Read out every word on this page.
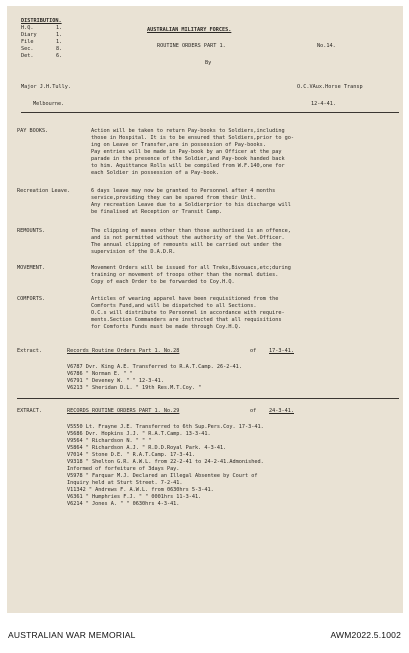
DISTRIBUTION.
H.Q.	1.
Diary	1.
File	1.
Sec.	8.
Det.	6.
AUSTRALIAN MILITARY FORCES.
ROUTINE ORDERS PART 1.	No.14.
By
Major J.H.Tully.	O.C.VAux.Horse Transp
Melbourne.	12-4-41.
PAY BOOKS.	Action will be taken to return Pay-books to Soldiers,including
those in Hospital. It is to be ensured that Soldiers,prior to go-
ing on Leave or Transfer,are in possession of Pay-books.
Pay entries will be made in Pay-book by an Officer at the pay
parade in the presence of the Soldier,and Pay-book handed back
to him. Aquittance Rolls will be compiled from W.F.140,one for
each Soldier in possession of a Pay-book.
Recreation Leave.	6 days leave may now be granted to Personnel after 4 months
service,providing they can be spared from their Unit.
Any recreation Leave due to a Soldierprior to his discharge will
be finalised at Reception or Transit Camp.
REMOUNTS.	The clipping of manes other than those authorised is an offence,
and is not permitted without the authority of the Vet.Officer.
The annual clipping of remounts will be carried out under the
supervision of the D.A.D.R.
MOVEMENT.	Movement Orders will be issued for all Treks,Bivouacs,etc;during
training or movement of troops other than the normal duties.
Copy of each Order to be forwarded to Coy.H.Q.
COMFORTS.	Articles of wearing apparel have been requisitioned from the
Comforts Fund,and will be dispatched to all Sections.
O.C.s will distribute to Personnel in accordance with require-
ments.Section Commanders are instructed that all requisitions
for Comforts Funds must be made through Coy.H.Q.
Extract.	Records Routine Orders Part 1. No.28	of 17-3-41.
V6787 Dvr. King A.E. Transferred to R.A.T.Camp. 26-2-41.
V6786 " Norman E. " "
V6791 " Deveney W. " " 12-3-41.
V6213 " Sheridan D.L. " 19th Res.M.T.Coy. "
EXTRACT.	RECORDS ROUTINE ORDERS PART 1. No.29	of 24-3-41.
V5550 Lt. Frayne J.E. Transferred to 6th Sup.Pers.Coy. 17-3-41.
V5686 Dvr. Hopkins J.J. " R.A.T.Camp. 13-3-41.
V9564 " Richardson N. " " "
V5864 " Richardson A.J. " R.D.D.Royal Park. 4-3-41.
V7014 " Stone D.E. " R.A.T.Camp. 17-3-41.
V9318 " Shelton G.R. A.W.L. from 22-2-41 to 24-2-41.Admonished.
Informed of forfeiture of 3days Pay.
V5978 " Farquar M.J. Declared an Illegal Absentee by Court of
Inquiry held at Sturt Street. 7-2-41.
V11342 " Andrews F. A.W.L. from 0630hrs 5-3-41.
V6361 " Humphries F.J. " " 0001hrs 11-3-41.
V6214 " Jones A. " " 0630hrs 4-3-41.
AUSTRALIAN WAR MEMORIAL	AWM2022.5.1002
